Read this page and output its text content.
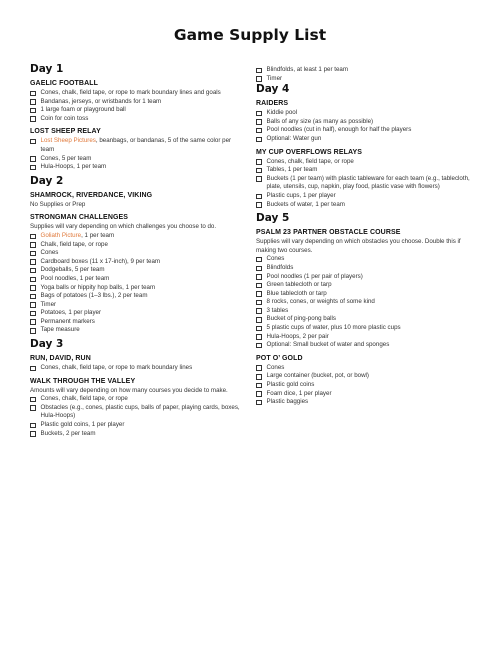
Game Supply List
Day 1
GAELIC FOOTBALL
Cones, chalk, field tape, or rope to mark boundary lines and goals
Bandanas, jerseys, or wristbands for 1 team
1 large foam or playground ball
Coin for coin toss
LOST SHEEP RELAY
Lost Sheep Pictures, beanbags, or bandanas, 5 of the same color per team
Cones, 5 per team
Hula-Hoops, 1 per team
Day 2
SHAMROCK, RIVERDANCE, VIKING

No Supplies or Prep

STRONGMAN CHALLENGES

Supplies will vary depending on which challenges you choose to do.

Goliath Picture, 1 per team
Chalk, field tape, or rope
Cones
Cardboard boxes (11 x 17-inch), 9 per team
Dodgeballs, 5 per team
Pool noodles, 1 per team
Yoga balls or hippity hop balls, 1 per team
Bags of potatoes (1–3 lbs.), 2 per team
Timer
Potatoes, 1 per player
Permanent markers
Tape measure
Day 3
RUN, DAVID, RUN
Cones, chalk, field tape, or rope to mark boundary lines
WALK THROUGH THE VALLEY

Amounts will vary depending on how many courses you decide to make.

Cones, chalk, field tape, or rope
Obstacles (e.g., cones, plastic cups, balls of paper, playing cards, boxes, Hula-Hoops)
Plastic gold coins, 1 per player
Buckets, 2 per team
Blindfolds, at least 1 per team
Timer
Day 4
RAIDERS
Kiddie pool
Balls of any size (as many as possible)
Pool noodles (cut in half), enough for half the players
Optional: Water gun
MY CUP OVERFLOWS RELAYS
Cones, chalk, field tape, or rope
Tables, 1 per team
Buckets (1 per team) with plastic tableware for each team (e.g., tablecloth, plate, utensils, cup, napkin, play food, plastic vase with flowers)
Plastic cups, 1 per player
Buckets of water, 1 per team
Day 5
PSALM 23 PARTNER OBSTACLE COURSE

Supplies will vary depending on which obstacles you choose. Double this if making two courses.

Cones
Blindfolds
Pool noodles (1 per pair of players)
Green tablecloth or tarp
Blue tablecloth or tarp
8 rocks, cones, or weights of some kind
3 tables
Bucket of ping-pong balls
5 plastic cups of water, plus 10 more plastic cups
Hula-Hoops, 2 per pair
Optional: Small bucket of water and sponges
POT O’ GOLD
Cones
Large container (bucket, pot, or bowl)
Plastic gold coins
Foam dice, 1 per player
Plastic baggies
